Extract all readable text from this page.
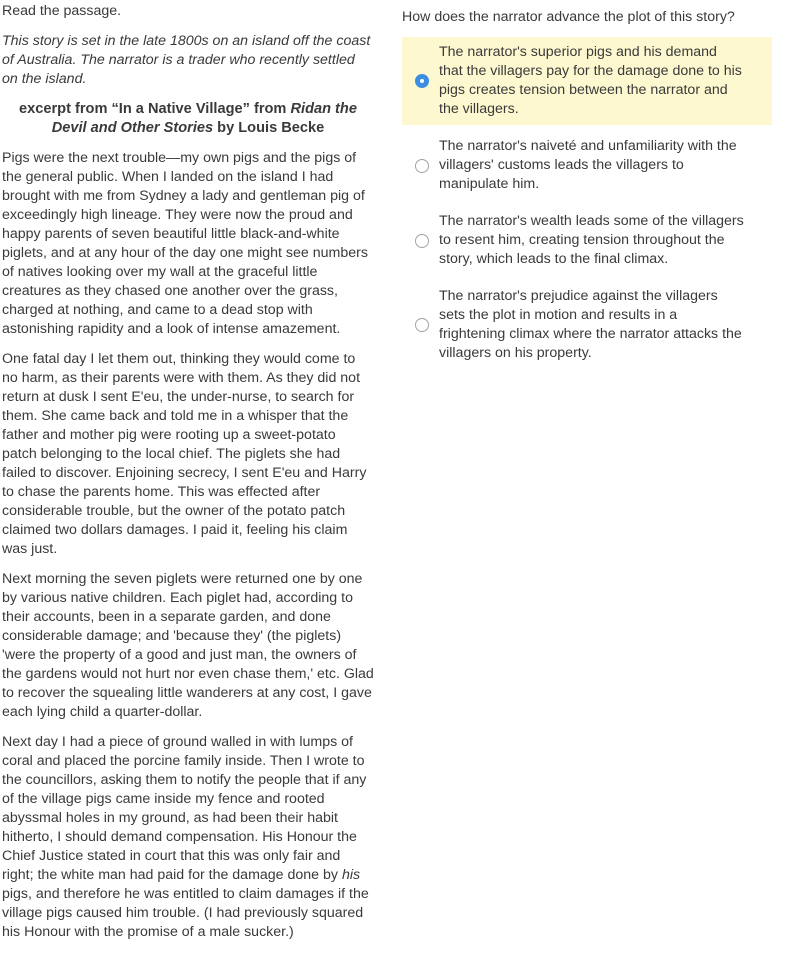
Read the passage.

This story is set in the late 1800s on an island off the coast of Australia. The narrator is a trader who recently settled on the island.

excerpt from “In a Native Village” from Ridan the Devil and Other Stories by Louis Becke

Pigs were the next trouble—my own pigs and the pigs of the general public. When I landed on the island I had brought with me from Sydney a lady and gentleman pig of exceedingly high lineage. They were now the proud and happy parents of seven beautiful little black-and-white piglets, and at any hour of the day one might see numbers of natives looking over my wall at the graceful little creatures as they chased one another over the grass, charged at nothing, and came to a dead stop with astonishing rapidity and a look of intense amazement.

One fatal day I let them out, thinking they would come to no harm, as their parents were with them. As they did not return at dusk I sent E'eu, the under-nurse, to search for them. She came back and told me in a whisper that the father and mother pig were rooting up a sweet-potato patch belonging to the local chief. The piglets she had failed to discover. Enjoining secrecy, I sent E'eu and Harry to chase the parents home. This was effected after considerable trouble, but the owner of the potato patch claimed two dollars damages. I paid it, feeling his claim was just.

Next morning the seven piglets were returned one by one by various native children. Each piglet had, according to their accounts, been in a separate garden, and done considerable damage; and 'because they' (the piglets) 'were the property of a good and just man, the owners of the gardens would not hurt nor even chase them,' etc. Glad to recover the squealing little wanderers at any cost, I gave each lying child a quarter-dollar.

Next day I had a piece of ground walled in with lumps of coral and placed the porcine family inside. Then I wrote to the councillors, asking them to notify the people that if any of the village pigs came inside my fence and rooted abyssmal holes in my ground, as had been their habit hitherto, I should demand compensation. His Honour the Chief Justice stated in court that this was only fair and right; the white man had paid for the damage done by his pigs, and therefore he was entitled to claim damages if the village pigs caused him trouble. (I had previously squared his Honour with the promise of a male sucker.)

How does the narrator advance the plot of this story?
The narrator's superior pigs and his demand that the villagers pay for the damage done to his pigs creates tension between the narrator and the villagers.
The narrator's naiveté and unfamiliarity with the villagers' customs leads the villagers to manipulate him.
The narrator's wealth leads some of the villagers to resent him, creating tension throughout the story, which leads to the final climax.
The narrator's prejudice against the villagers sets the plot in motion and results in a frightening climax where the narrator attacks the villagers on his property.
